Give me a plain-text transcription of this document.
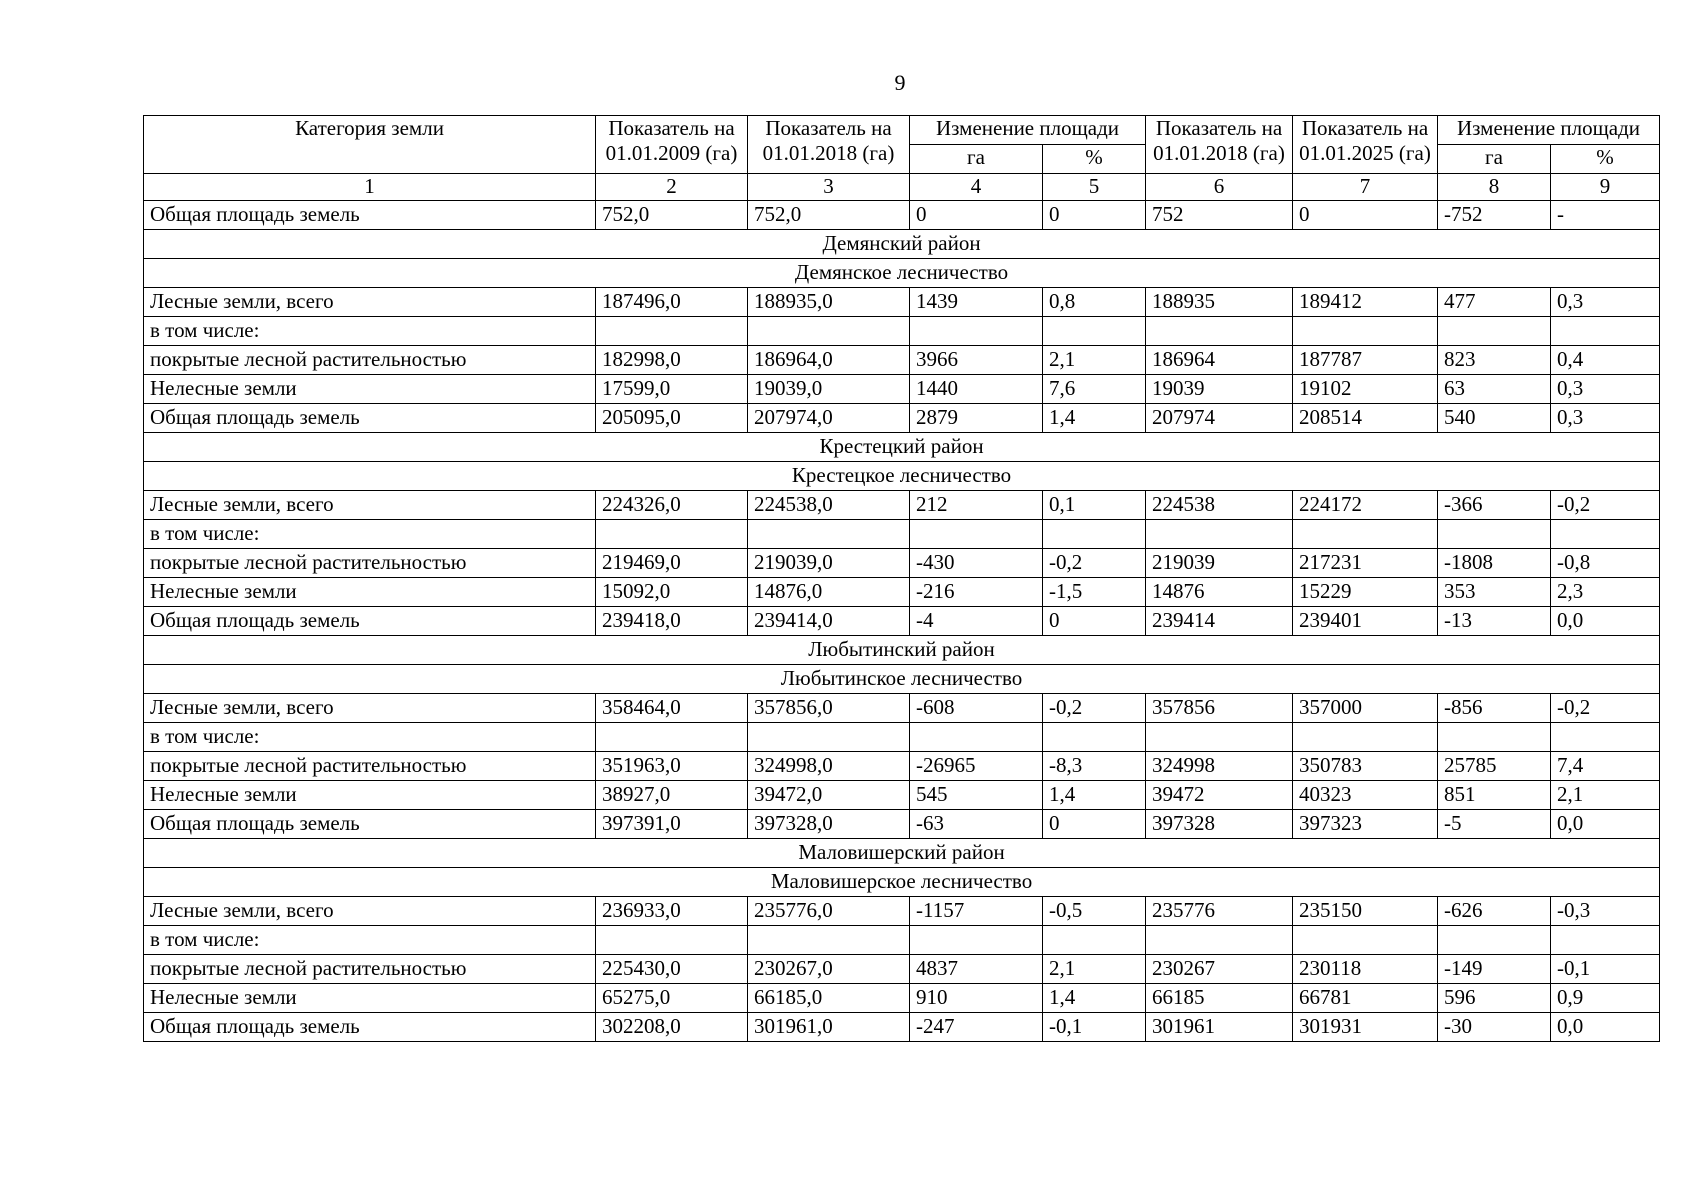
9
Категория земли	Показатель на 01.01.2009 (га)	Показатель на 01.01.2018 (га)	Изменение площади		Показатель на 01.01.2018 (га)	Показатель на 01.01.2025 (га)	Изменение площади	
			га	%			га	%
1	2	3	4	5	6	7	8	9
Общая площадь земель	752,0	752,0	0	0	752	0	-752	-
Демянский район								
Демянское лесничество								
Лесные земли, всего	187496,0	188935,0	1439	0,8	188935	189412	477	0,3
в том числе:								
покрытые лесной растительностью	182998,0	186964,0	3966	2,1	186964	187787	823	0,4
Нелесные земли	17599,0	19039,0	1440	7,6	19039	19102	63	0,3
Общая площадь земель	205095,0	207974,0	2879	1,4	207974	208514	540	0,3
Крестецкий район								
Крестецкое лесничество								
Лесные земли, всего	224326,0	224538,0	212	0,1	224538	224172	-366	-0,2
в том числе:								
покрытые лесной растительностью	219469,0	219039,0	-430	-0,2	219039	217231	-1808	-0,8
Нелесные земли	15092,0	14876,0	-216	-1,5	14876	15229	353	2,3
Общая площадь земель	239418,0	239414,0	-4	0	239414	239401	-13	0,0
Любытинский район								
Любытинское лесничество								
Лесные земли, всего	358464,0	357856,0	-608	-0,2	357856	357000	-856	-0,2
в том числе:								
покрытые лесной растительностью	351963,0	324998,0	-26965	-8,3	324998	350783	25785	7,4
Нелесные земли	38927,0	39472,0	545	1,4	39472	40323	851	2,1
Общая площадь земель	397391,0	397328,0	-63	0	397328	397323	-5	0,0
Маловишерский район								
Маловишерское лесничество								
Лесные земли, всего	236933,0	235776,0	-1157	-0,5	235776	235150	-626	-0,3
в том числе:								
покрытые лесной растительностью	225430,0	230267,0	4837	2,1	230267	230118	-149	-0,1
Нелесные земли	65275,0	66185,0	910	1,4	66185	66781	596	0,9
Общая площадь земель	302208,0	301961,0	-247	-0,1	301961	301931	-30	0,0
